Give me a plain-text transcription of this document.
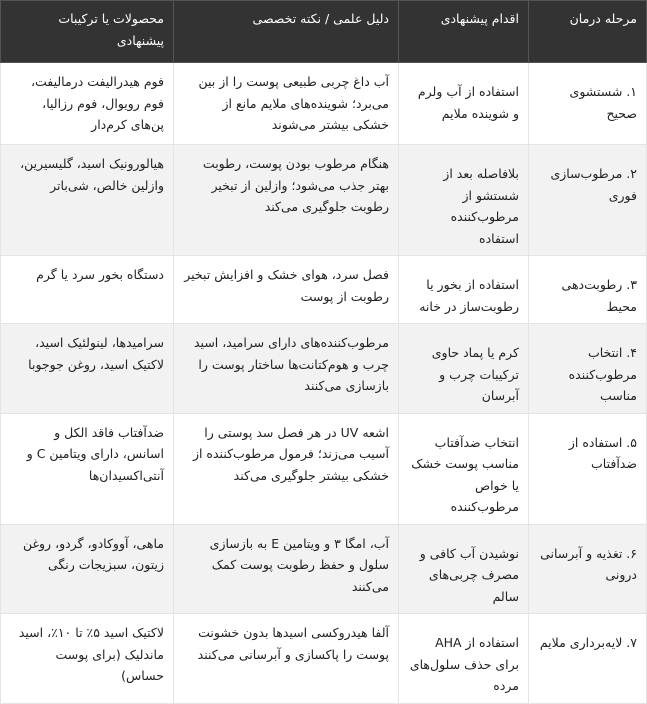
مرحله درمان	اقدام پیشنهادی	دلیل علمی / نکته تخصصی	محصولات یا ترکیبات پیشنهادی
۱. شستشوی صحیح	استفاده از آب ولرم و شوینده ملایم	آب داغ چربی طبیعی پوست را از بین می‌برد؛ شوینده‌های ملایم مانع از خشکی بیشتر می‌شوند	فوم هیدرالیفت درمالیفت، فوم رویوال، فوم رزالیا، پن‌های کرم‌دار
۲. مرطوب‌سازی فوری	بلافاصله بعد از شستشو از مرطوب‌کننده استفاده	هنگام مرطوب بودن پوست، رطوبت بهتر جذب می‌شود؛ وازلین از تبخیر رطوبت جلوگیری می‌کند	هیالورونیک اسید، گلیسیرین، وازلین خالص، شی‌باتر
۳. رطوبت‌دهی محیط	استفاده از بخور یا رطوبت‌ساز در خانه	فصل سرد، هوای خشک و افزایش تبخیر رطوبت از پوست	دستگاه بخور سرد یا گرم
۴. انتخاب مرطوب‌کننده مناسب	کرم یا پماد حاوی ترکیبات چرب و آبرسان	مرطوب‌کننده‌های دارای سرامید، اسید چرب و هوم‌کتانت‌ها ساختار پوست را بازسازی می‌کنند	سرامیدها، لینولئیک اسید، لاکتیک اسید، روغن جوجوبا
۵. استفاده از ضدآفتاب	انتخاب ضدآفتاب مناسب پوست خشک یا خواص مرطوب‌کننده	اشعه UV در هر فصل سد پوستی را آسیب می‌زند؛ فرمول مرطوب‌کننده از خشکی بیشتر جلوگیری می‌کند	ضدآفتاب فاقد الکل و اسانس، دارای ویتامین C و آنتی‌اکسیدان‌ها
۶. تغذیه و آبرسانی درونی	نوشیدن آب کافی و مصرف چربی‌های سالم	آب، امگا ۳ و ویتامین E به بازسازی سلول و حفظ رطوبت پوست کمک می‌کنند	ماهی، آووکادو، گردو، روغن زیتون، سبزیجات رنگی
۷. لایه‌برداری ملایم	استفاده از AHA برای حذف سلول‌های مرده	آلفا هیدروکسی اسیدها بدون خشونت پوست را پاکسازی و آبرسانی می‌کنند	لاکتیک اسید ۵٪ تا ۱۰٪، اسید ماندلیک (برای پوست حساس)
